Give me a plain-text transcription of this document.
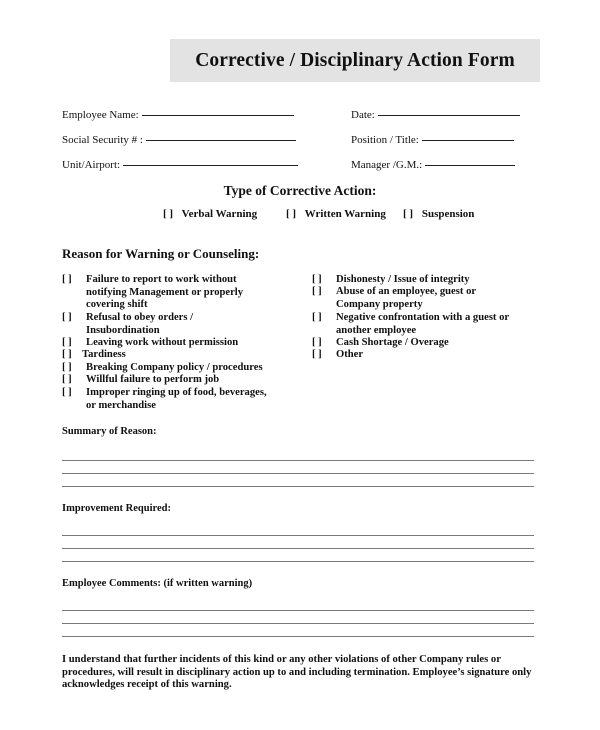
Corrective / Disciplinary Action Form
Employee Name:	Date:
Social Security # :	Position / Title:
Unit/Airport:	Manager /G.M.:
Type of Corrective Action:
[ ] Verbal Warning	[ ] Written Warning [ ] Suspension
Reason for Warning or Counseling:
[ ] Failure to report to work without
notifying Management or properly
covering shift
[ ] Refusal to obey orders /
Insubordination
[ ] Leaving work without permission
[ ] Tardiness
[ ] Breaking Company policy / procedures
[ ] Willful failure to perform job
[ ] Improper ringing up of food, beverages,
or merchandise
[ ] Dishonesty / Issue of integrity
[ ] Abuse of an employee, guest or
Company property
[ ] Negative confrontation with a guest or
another employee
[ ] Cash Shortage / Overage
[ ] Other
Summary of Reason:
Improvement Required:
Employee Comments: (if written warning)
I understand that further incidents of this kind or any other violations of other Company rules or procedures, will result in disciplinary action up to and including termination. Employee’s signature only acknowledges receipt of this warning.
